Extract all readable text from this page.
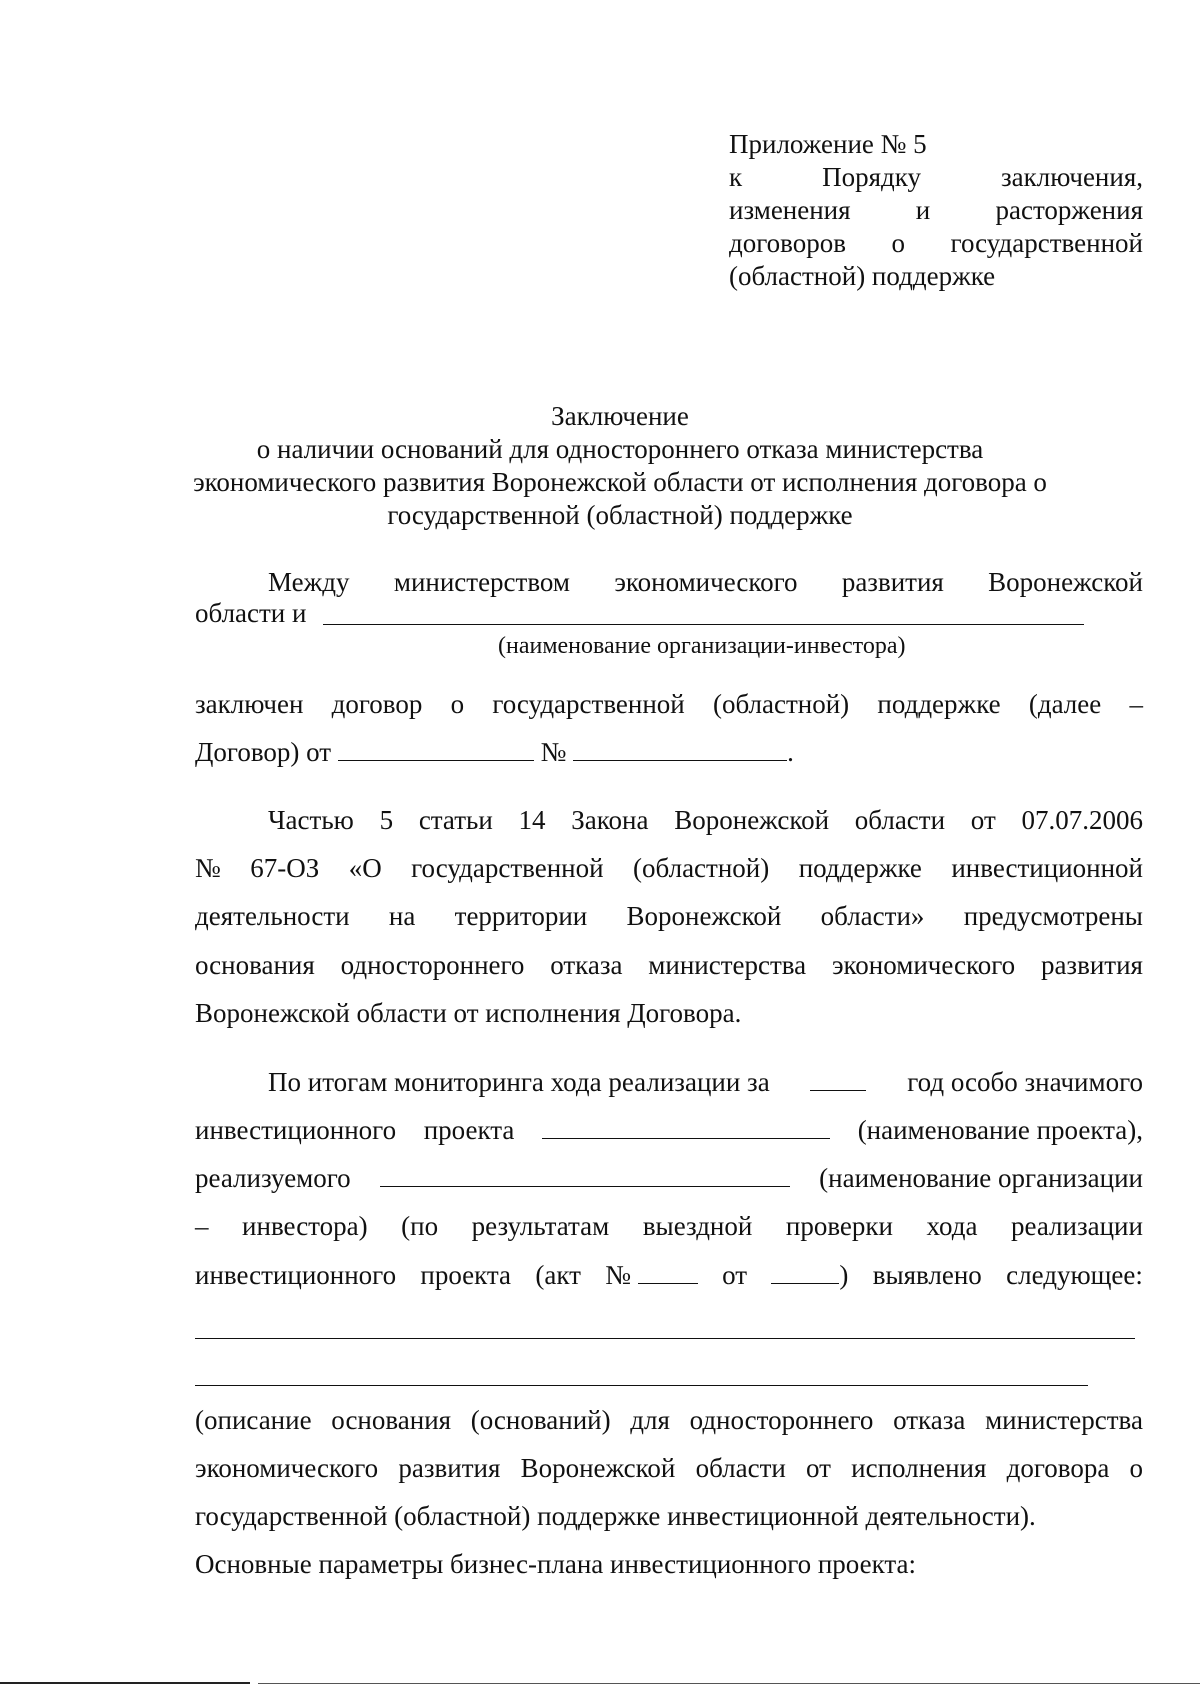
Приложение № 5
к	Порядку	заключения,
изменения и расторжения
договоров о государственной
(областной) поддержке
Заключение
о наличии оснований для одностороннего отказа министерства
экономического развития Воронежской области от исполнения договора о
государственной (областной) поддержке
Между министерством экономического развития Воронежской
области и
(наименование организации-инвестора)
заключен договор о государственной (областной) поддержке (далее –
Договор) от	№	.
Частью 5 статьи 14 Закона Воронежской области от 07.07.2006
№ 67-ОЗ «О государственной (областной) поддержке инвестиционной
деятельности на территории Воронежской области» предусмотрены
основания одностороннего отказа министерства экономического развития
Воронежской области от исполнения Договора.
По итогам мониторинга хода реализации за	год особо значимого
инвестиционного проекта	(наименование проекта),
реализуемого	(наименование организации
– инвестора) (по результатам выездной проверки хода реализации
инвестиционного проекта (акт №	от	) выявлено следующее:
(описание основания (оснований) для одностороннего отказа министерства
экономического развития Воронежской области от исполнения договора о
государственной (областной) поддержке инвестиционной деятельности).
Основные параметры бизнес-плана инвестиционного проекта:
